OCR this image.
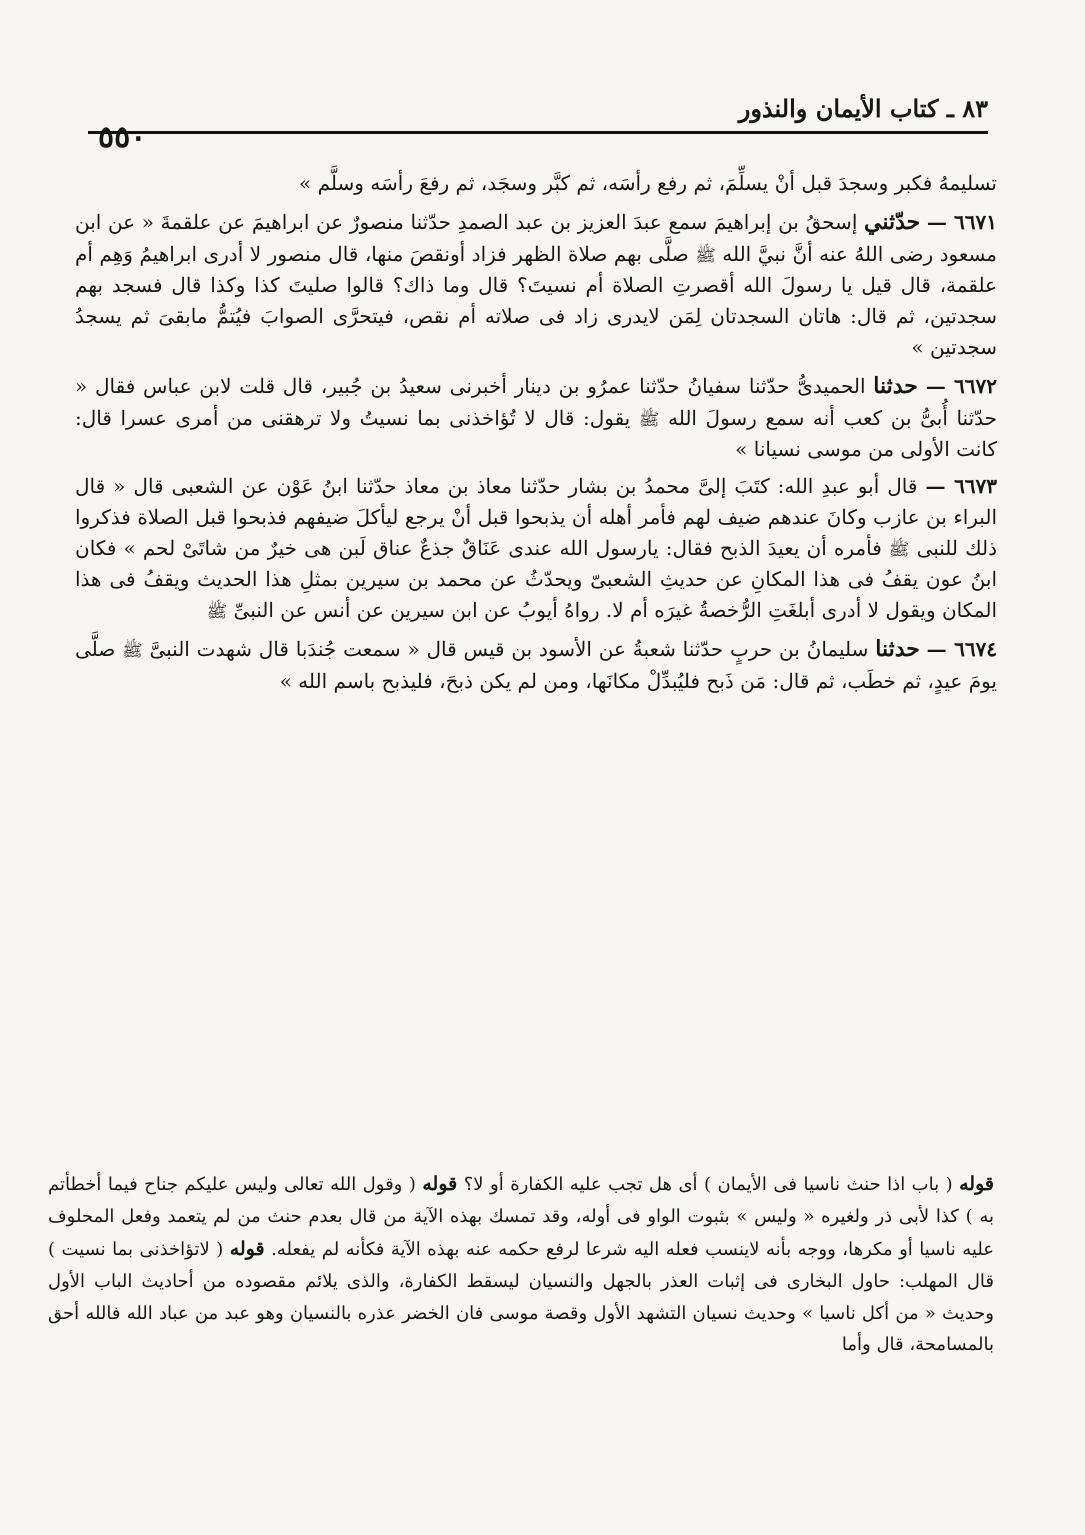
٨٣ ـ كتاب الأيمان والنذور
٥٥٠

تسليمهُ فكبر وسجدَ قبل أنْ يسلِّمَ، ثم رفع رأسَه، ثم كبَّر وسجَد، ثم رفعَ رأسَه وسلَّم »

٦٦٧١ — حدّثني إسحقُ بن إبراهيمَ سمع عبدَ العزيز بن عبد الصمدِ حدّثنا منصورٌ عن ابراهيمَ عن علقمةَ « عن ابن مسعود رضى اللهُ عنه أنَّ نبيَّ الله ﷺ صلَّى بهم صلاة الظهر فزاد أونقصَ منها، قال منصور لا أدرى ابراهيمُ وَهِم أم علقمة، قال قيل يا رسولَ الله أقصرتِ الصلاة أم نسيتَ؟ قال وما ذاك؟ قالوا صليتَ كذا وكذا قال فسجد بهم سجدتين، ثم قال: هاتان السجدتان لِمَن لايدرى زاد فى صلاته أم نقص، فيتحرَّى الصوابَ فيُتمُّ مابقىَ ثم يسجدُ سجدتين »

٦٦٧٢ — حدثنا الحميدىُّ حدّثنا سفيانُ حدّثنا عمرُو بن دينار أخبرنى سعيدُ بن جُبير، قال قلت لابن عباس فقال « حدّثنا أُبىُّ بن كعب أنه سمع رسولَ الله ﷺ يقول: قال لا تُؤاخذنى بما نسيتُ ولا ترهقنى من أمرى عسرا قال: كانت الأولى من موسى نسيانا »

٦٦٧٣ — قال أبو عبدِ الله: كتَبَ إلىَّ محمدُ بن بشار حدّثنا معاذ بن معاذ حدّثنا ابنُ عَوْن عن الشعبى قال « قال البراء بن عازب وكانَ عندهم ضيف لهم فأمر أهله أن يذبحوا قبل أنْ يرجع ليأكلَ ضيفهم فذبحوا قبل الصلاة فذكروا ذلك للنبى ﷺ فأمره أن يعيدَ الذبح فقال: يارسول الله عندى عَنَاقٌ جذعٌ عناق لَبن هى خيرٌ من شاتَىْ لحم » فكان ابنُ عون يقفُ فى هذا المكانِ عن حديثِ الشعبىّ ويحدّثُ عن محمد بن سيرين بمثلِ هذا الحديث ويقفُ فى هذا المكان ويقول لا أدرى أبلغَتِ الرُّخصةُ غيرَه أم لا. رواهُ أيوبُ عن ابن سيرين عن أنس عن النبىِّ ﷺ

٦٦٧٤ — حدثنا سليمانُ بن حربٍ حدّثنا شعبةُ عن الأسود بن قيس قال « سمعت جُندَبا قال شهدت النبىَّ ﷺ صلَّى يومَ عيدٍ، ثم خطَب، ثم قال: مَن ذَبح فليُبدِّلْ مكانَها، ومن لم يكن ذبحَ، فليذبح باسم الله »

قوله ( باب اذا حنث ناسيا فى الأيمان ) أى هل تجب عليه الكفارة أو لا؟ قوله ( وقول الله تعالى وليس عليكم جناح فيما أخطأتم به ) كذا لأبى ذر ولغيره « وليس » بثبوت الواو فى أوله، وقد تمسك بهذه الآية من قال بعدم حنث من لم يتعمد وفعل المحلوف عليه ناسيا أو مكرها، ووجه بأنه لاينسب فعله اليه شرعا لرفع حكمه عنه بهذه الآية فكأنه لم يفعله. قوله ( لاتؤاخذنى بما نسيت ) قال المهلب: حاول البخارى فى إثبات العذر بالجهل والنسيان ليسقط الكفارة، والذى يلائم مقصوده من أحاديث الباب الأول وحديث « من أكل ناسيا » وحديث نسيان التشهد الأول وقصة موسى فان الخضر عذره بالنسيان وهو عبد من عباد الله فالله أحق بالمسامحة، قال وأما
